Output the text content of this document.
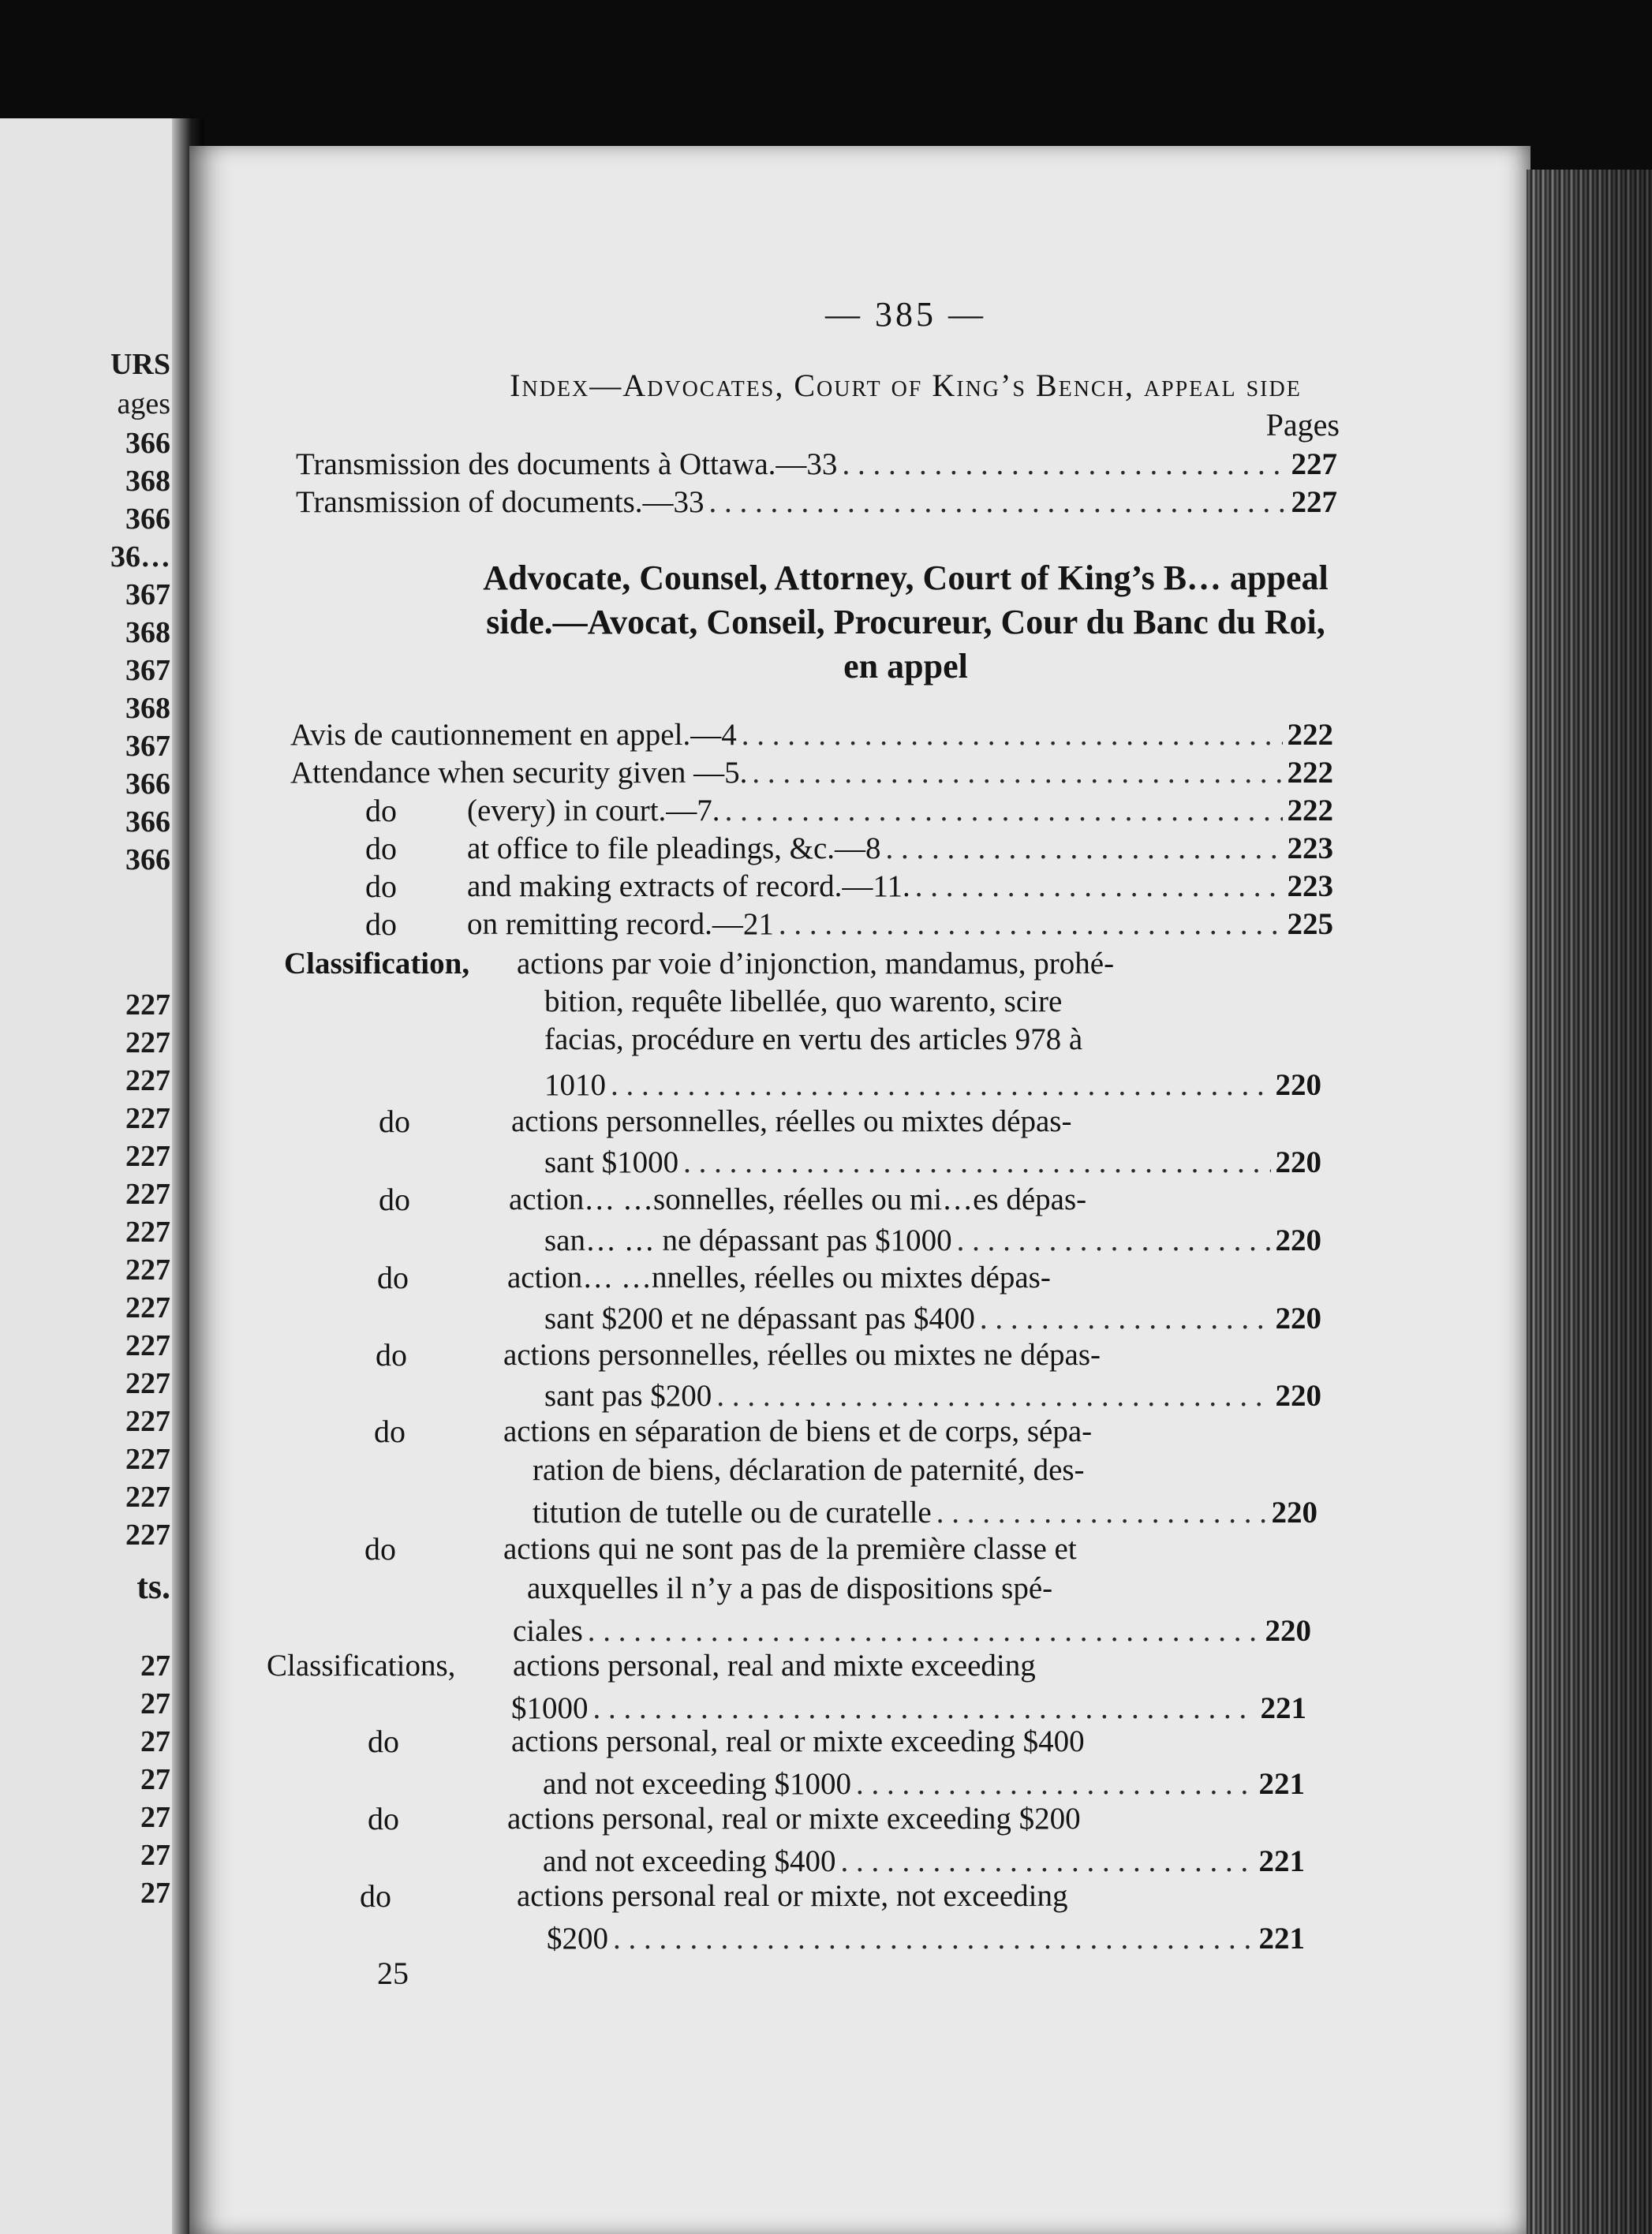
URS
ages
366
368
366
36…
367
368
367
368
367
366
366
366
227
227
227
227
227
227
227
227
227
227
227
227
227
227
227
ts.
27
27
27
27
27
27
27
— 385 —
Index—Advocates, Court of King’s Bench, appeal side
Pages
Transmission des documents à Ottawa.—33 . . .	227
Transmission of documents.—33 . . .	227
Advocate, Counsel, Attorney, Court of King’s B… appeal
side.—Avocat, Conseil, Procureur, Cour du Banc du Roi,
en appel
Avis de cautionnement en appel.—4 . . .	222
Attendance when security given —5. . . .	222
do (every) in court.—7. . . .	222
do at office to file pleadings, &c.—8 . . .	223
do and making extracts of record.—11. . . .	223
do on remitting record.—21 . . .	225
Classification, actions par voie d’injonction, mandamus, prohé-
bition, requête libellée, quo warento, scire
facias, procédure en vertu des articles 978 à
1010 . . .	220
do	actions personnelles, réelles ou mixtes dépas-
sant $1000 . . .	220
do	action… …sonnelles, réelles ou mi…es dépas-
san… … ne dépassant pas $1000 . . .	220
do	action… …nnelles, réelles ou mixtes dépas-
sant $200 et ne dépassant pas $400 . . .	220
do	actions personnelles, réelles ou mixtes ne dépas-
sant pas $200 . . .	220
do	actions en séparation de biens et de corps, sépa-
ration de biens, déclaration de paternité, des-
titution de tutelle ou de curatelle . . .	220
do	actions qui ne sont pas de la première classe et
auxquelles il n’y a pas de dispositions spé-
ciales . . .	220
Classifications, actions personal, real and mixte exceeding
$1000 . . .	221
do	actions personal, real or mixte exceeding $400
and not exceeding $1000 . . .	221
do	actions personal, real or mixte exceeding $200
and not exceeding $400 . . .	221
do	actions personal real or mixte, not exceeding
$200 . . .	221
25
